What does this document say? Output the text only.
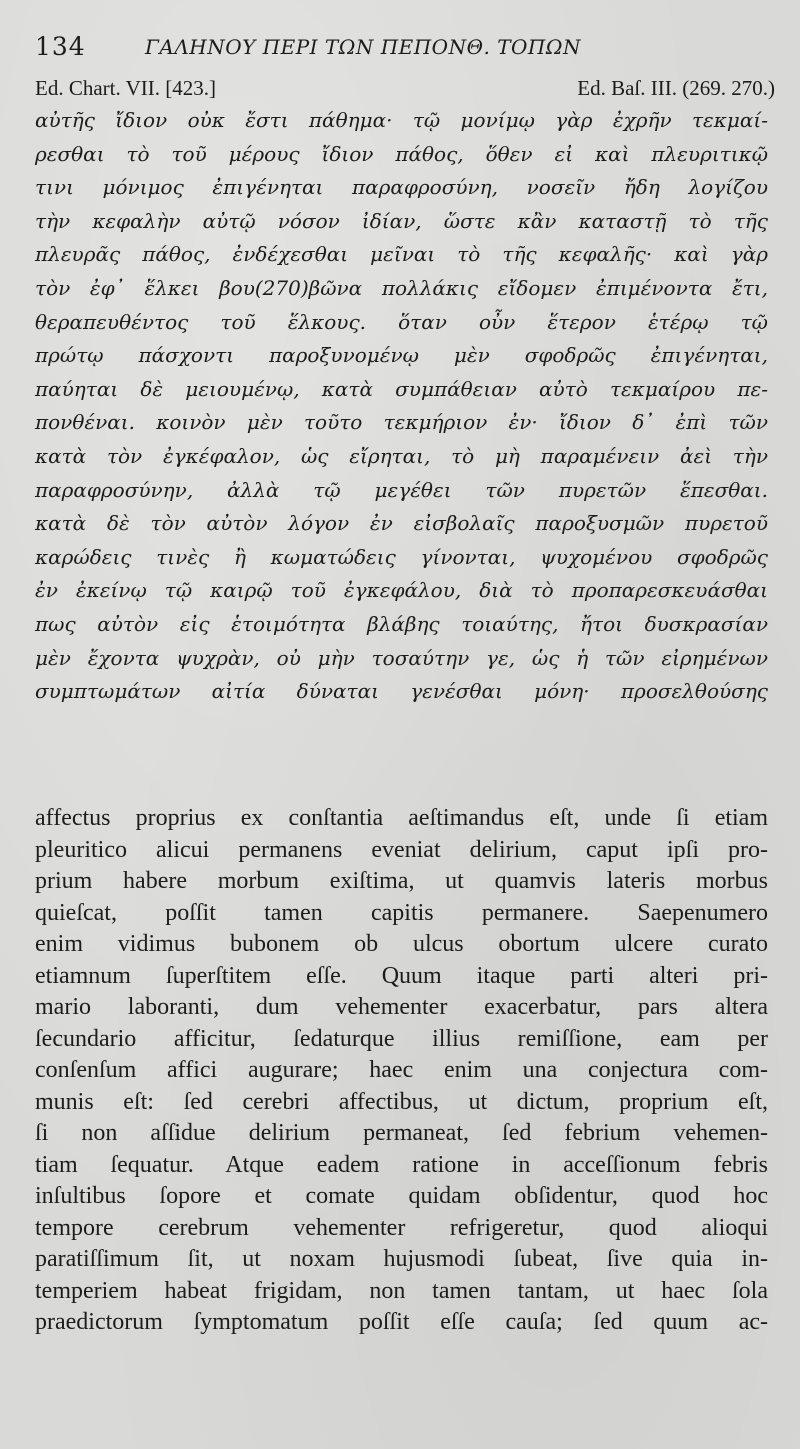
134	ΓΑΛΗΝΟΥ ΠΕΡΙ ΤΩΝ ΠΕΠΟΝΘ. ΤΟΠΩΝ
Ed. Chart. VII. [423.]	Ed. Baſ. III. (269. 270.)
αὐτῆς ἴδιον οὐκ ἔστι πάθημα· τῷ μονίμῳ γὰρ ἐχρῆν τεκμαί-
ρεσθαι τὸ τοῦ μέρους ἴδιον πάθος, ὅθεν εἰ καὶ πλευριτικῷ
τινι μόνιμος ἐπιγένηται παραφροσύνη, νοσεῖν ἤδη λογίζου
τὴν κεφαλὴν αὐτῷ νόσον ἰδίαν, ὥστε κἂν καταστῇ τὸ τῆς
πλευρᾶς πάθος, ἐνδέχεσθαι μεῖναι τὸ τῆς κεφαλῆς· καὶ γὰρ
τὸν ἐφ᾽ ἕλκει βου(270)βῶνα πολλάκις εἴδομεν ἐπιμένοντα ἔτι,
θεραπευθέντος τοῦ ἕλκους. ὅταν οὖν ἕτερον ἑτέρῳ τῷ
πρώτῳ πάσχοντι παροξυνομένῳ μὲν σφοδρῶς ἐπιγένηται,
παύηται δὲ μειουμένῳ, κατὰ συμπάθειαν αὐτὸ τεκμαίρου πε-
πονθέναι. κοινὸν μὲν τοῦτο τεκμήριον ἐν· ἴδιον δ᾽ ἐπὶ τῶν
κατὰ τὸν ἐγκέφαλον, ὡς εἴρηται, τὸ μὴ παραμένειν ἀεὶ τὴν
παραφροσύνην, ἀλλὰ τῷ μεγέθει τῶν πυρετῶν ἕπεσθαι.
κατὰ δὲ τὸν αὐτὸν λόγον ἐν εἰσβολαῖς παροξυσμῶν πυρετοῦ
καρώδεις τινὲς ἢ κωματώδεις γίνονται, ψυχομένου σφοδρῶς
ἐν ἐκείνῳ τῷ καιρῷ τοῦ ἐγκεφάλου, διὰ τὸ προπαρεσκευάσθαι
πως αὐτὸν εἰς ἑτοιμότητα βλάβης τοιαύτης, ἤτοι δυσκρασίαν
μὲν ἔχοντα ψυχρὰν, οὐ μὴν τοσαύτην γε, ὡς ἡ τῶν εἰρημένων
συμπτωμάτων αἰτία δύναται γενέσθαι μόνη· προσελθούσης
affectus proprius ex conſtantia aeſtimandus eſt, unde ſi etiam
pleuritico alicui permanens eveniat delirium, caput ipſi pro-
prium habere morbum exiſtima, ut quamvis lateris morbus
quieſcat, poſſit tamen capitis permanere. Saepenumero
enim vidimus bubonem ob ulcus obortum ulcere curato
etiamnum ſuperſtitem eſſe. Quum itaque parti alteri pri-
mario laboranti, dum vehementer exacerbatur, pars altera
ſecundario afficitur, ſedaturque illius remiſſione, eam per
conſenſum affici augurare; haec enim una conjectura com-
munis eſt: ſed cerebri affectibus, ut dictum, proprium eſt,
ſi non aſſidue delirium permaneat, ſed febrium vehemen-
tiam ſequatur. Atque eadem ratione in acceſſionum febris
inſultibus ſopore et comate quidam obſidentur, quod hoc
tempore cerebrum vehementer refrigeretur, quod alioqui
paratiſſimum ſit, ut noxam hujusmodi ſubeat, ſive quia in-
temperiem habeat frigidam, non tamen tantam, ut haec ſola
praedictorum ſymptomatum poſſit eſſe cauſa; ſed quum ac-
